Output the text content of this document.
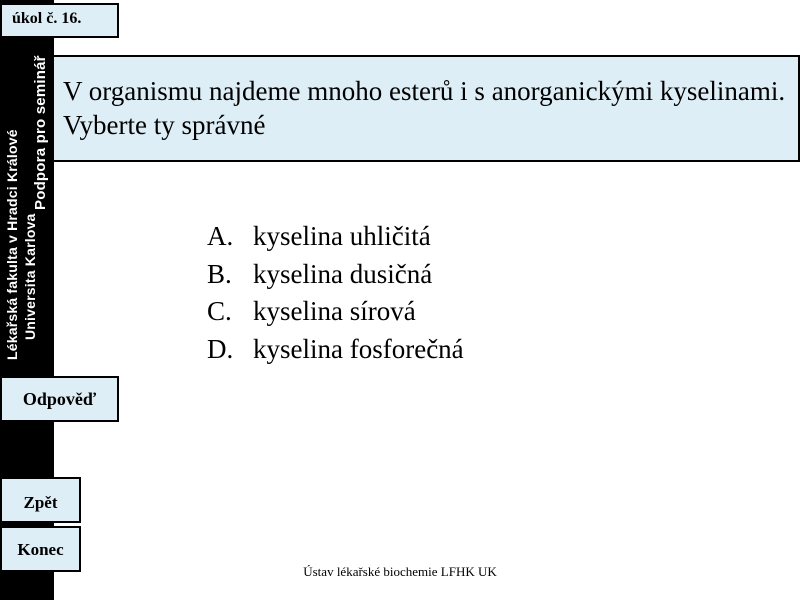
Lékařská fakulta v Hradci Králové Universita Karlova
Podpora pro seminář
úkol č. 16.
V organismu najdeme mnoho esterů i s anorganickými kyselinami. Vyberte ty správné
A. kyselina uhličitá
B. kyselina dusičná
C. kyselina sírová
D. kyselina fosforečná
Odpověď
Zpět
Konec
Ústav lékařské biochemie LFHK UK
